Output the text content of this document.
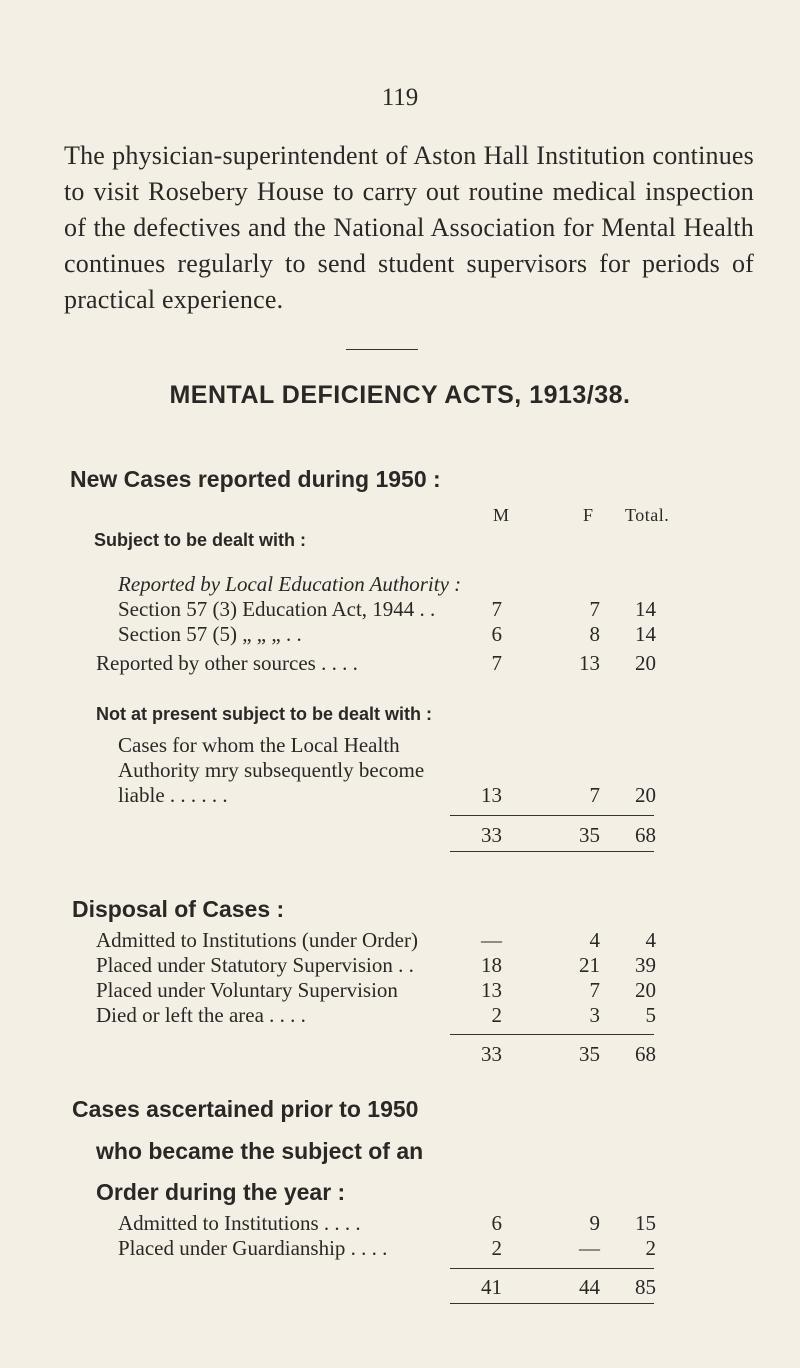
119
The physician-superintendent of Aston Hall Institution continues to visit Rosebery House to carry out routine medical inspection of the defectives and the National Association for Mental Health continues regularly to send student supervisors for periods of practical experience.
MENTAL DEFICIENCY ACTS, 1913/38.
New Cases reported during 1950 :
M	F Total.
Subject to be dealt with :
Reported by Local Education Authority :
Section 57 (3) Education Act, 1944 . .	7	7	14
Section 57 (5) „ „ „ . .	6	8	14
Reported by other sources . . . .	7	13	20
Not at present subject to be dealt with :
Cases for whom the Local Health
Authority mry subsequently become
liable . . . . . .	13	7	20
33	35	68
Disposal of Cases :
Admitted to Institutions (under Order)	—	4	4
Placed under Statutory Supervision . .	18	21	39
Placed under Voluntary Supervision	13	7	20
Died or left the area . . . .	2	3	5
33	35	68
Cases ascertained prior to 1950
who became the subject of an
Order during the year :
Admitted to Institutions . . . .	6	9	15
Placed under Guardianship . . . .	2	—	2
41	44	85
